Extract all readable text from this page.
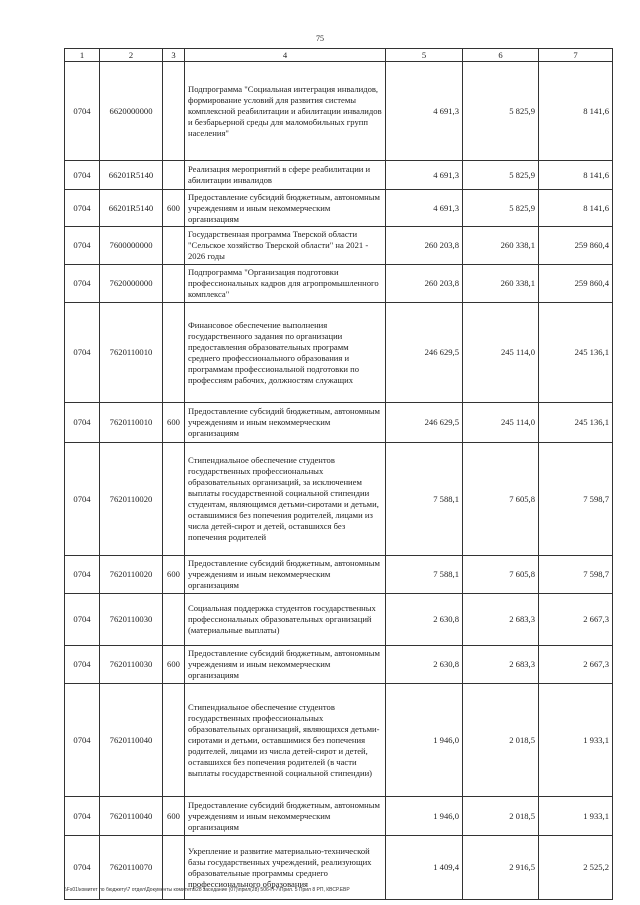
75
1	2	3	4	5	6	7
0704	6620000000		Подпрограмма "Социальная интеграция инвалидов, формирование условий для развития системы комплексной реабилитации и абилитации инвалидов и безбарьерной среды для маломобильных групп населения"	4 691,3	5 825,9	8 141,6
0704	66201R5140		Реализация мероприятий в сфере реабилитации и абилитации инвалидов	4 691,3	5 825,9	8 141,6
0704	66201R5140	600	Предоставление субсидий бюджетным, автономным учреждениям и иным некоммерческим организациям	4 691,3	5 825,9	8 141,6
0704	7600000000		Государственная программа Тверской области "Сельское хозяйство Тверской области" на 2021 - 2026 годы	260 203,8	260 338,1	259 860,4
0704	7620000000		Подпрограмма "Организация подготовки профессиональных кадров для агропромышленного комплекса"	260 203,8	260 338,1	259 860,4
0704	7620110010		Финансовое обеспечение выполнения государственного задания по организации предоставления образовательных программ среднего профессионального образования и программам профессиональной подготовки по профессиям рабочих, должностям служащих	246 629,5	245 114,0	245 136,1
0704	7620110010	600	Предоставление субсидий бюджетным, автономным учреждениям и иным некоммерческим организациям	246 629,5	245 114,0	245 136,1
0704	7620110020		Стипендиальное обеспечение студентов государственных профессиональных образовательных организаций, за исключением выплаты государственной социальной стипендии студентам, являющимся детьми-сиротами и детьми, оставшимися без попечения родителей, лицами из числа детей-сирот и детей, оставшихся без попечения родителей	7 588,1	7 605,8	7 598,7
0704	7620110020	600	Предоставление субсидий бюджетным, автономным учреждениям и иным некоммерческим организациям	7 588,1	7 605,8	7 598,7
0704	7620110030		Социальная поддержка студентов государственных профессиональных образовательных организаций (материальные выплаты)	2 630,8	2 683,3	2 667,3
0704	7620110030	600	Предоставление субсидий бюджетным, автономным учреждениям и иным некоммерческим организациям	2 630,8	2 683,3	2 667,3
0704	7620110040		Стипендиальное обеспечение студентов государственных профессиональных образовательных организаций, являющихся детьми-сиротами и детьми, оставшимися без попечения родителей, лицами из числа детей-сирот и детей, оставшихся без попечения родителей (в части выплаты государственной социальной стипендии)	1 946,0	2 018,5	1 933,1
0704	7620110040	600	Предоставление субсидий бюджетным, автономным учреждениям и иным некоммерческим организациям	1 946,0	2 018,5	1 933,1
0704	7620110070		Укрепление и развитие материально-технической базы государственных учреждений, реализующих образовательные программы среднего профессионального образования	1 409,4	2 916,5	2 525,2
\\Fs01\комитет по бюджету\7 отдел\Документы комитета\28 заседание (07)\прил(28) 506-П-7\Прил. 5 Прил 8 РП, КВСР.ЕВР
